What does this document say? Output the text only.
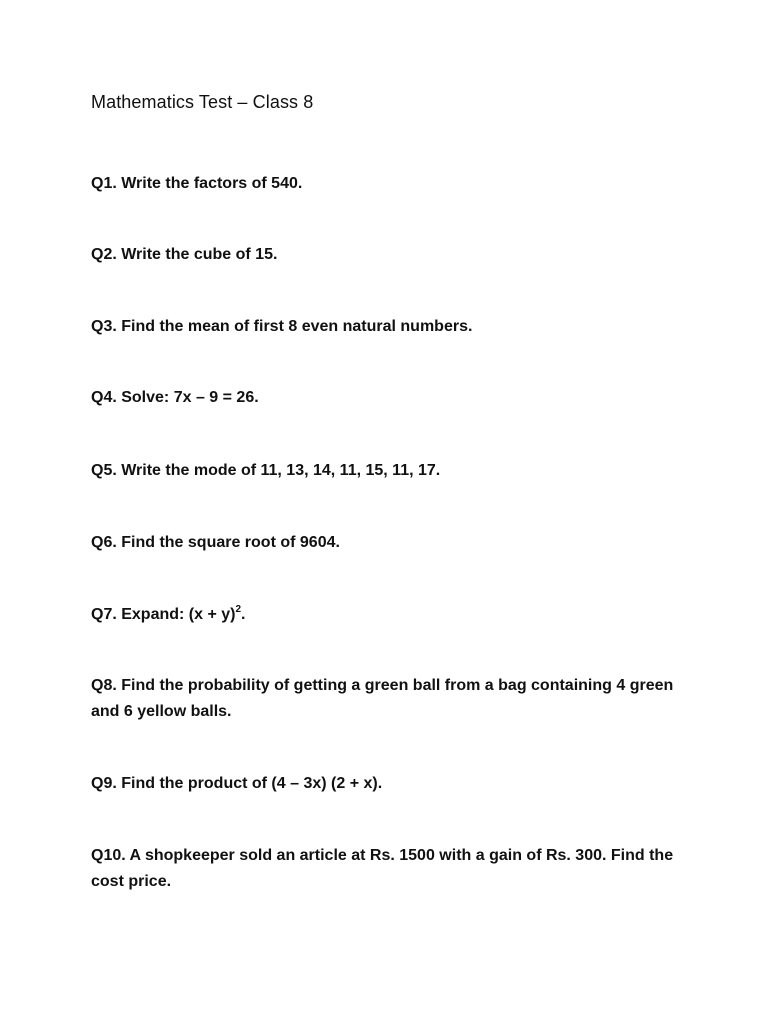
Mathematics Test – Class 8
Q1. Write the factors of 540.
Q2. Write the cube of 15.
Q3. Find the mean of first 8 even natural numbers.
Q4. Solve: 7x – 9 = 26.
Q5. Write the mode of 11, 13, 14, 11, 15, 11, 17.
Q6. Find the square root of 9604.
Q7. Expand: $(x + y)^2$.
Q8. Find the probability of getting a green ball from a bag containing 4 green and 6 yellow balls.
Q9. Find the product of (4 – 3x) (2 + x).
Q10. A shopkeeper sold an article at Rs. 1500 with a gain of Rs. 300. Find the cost price.
